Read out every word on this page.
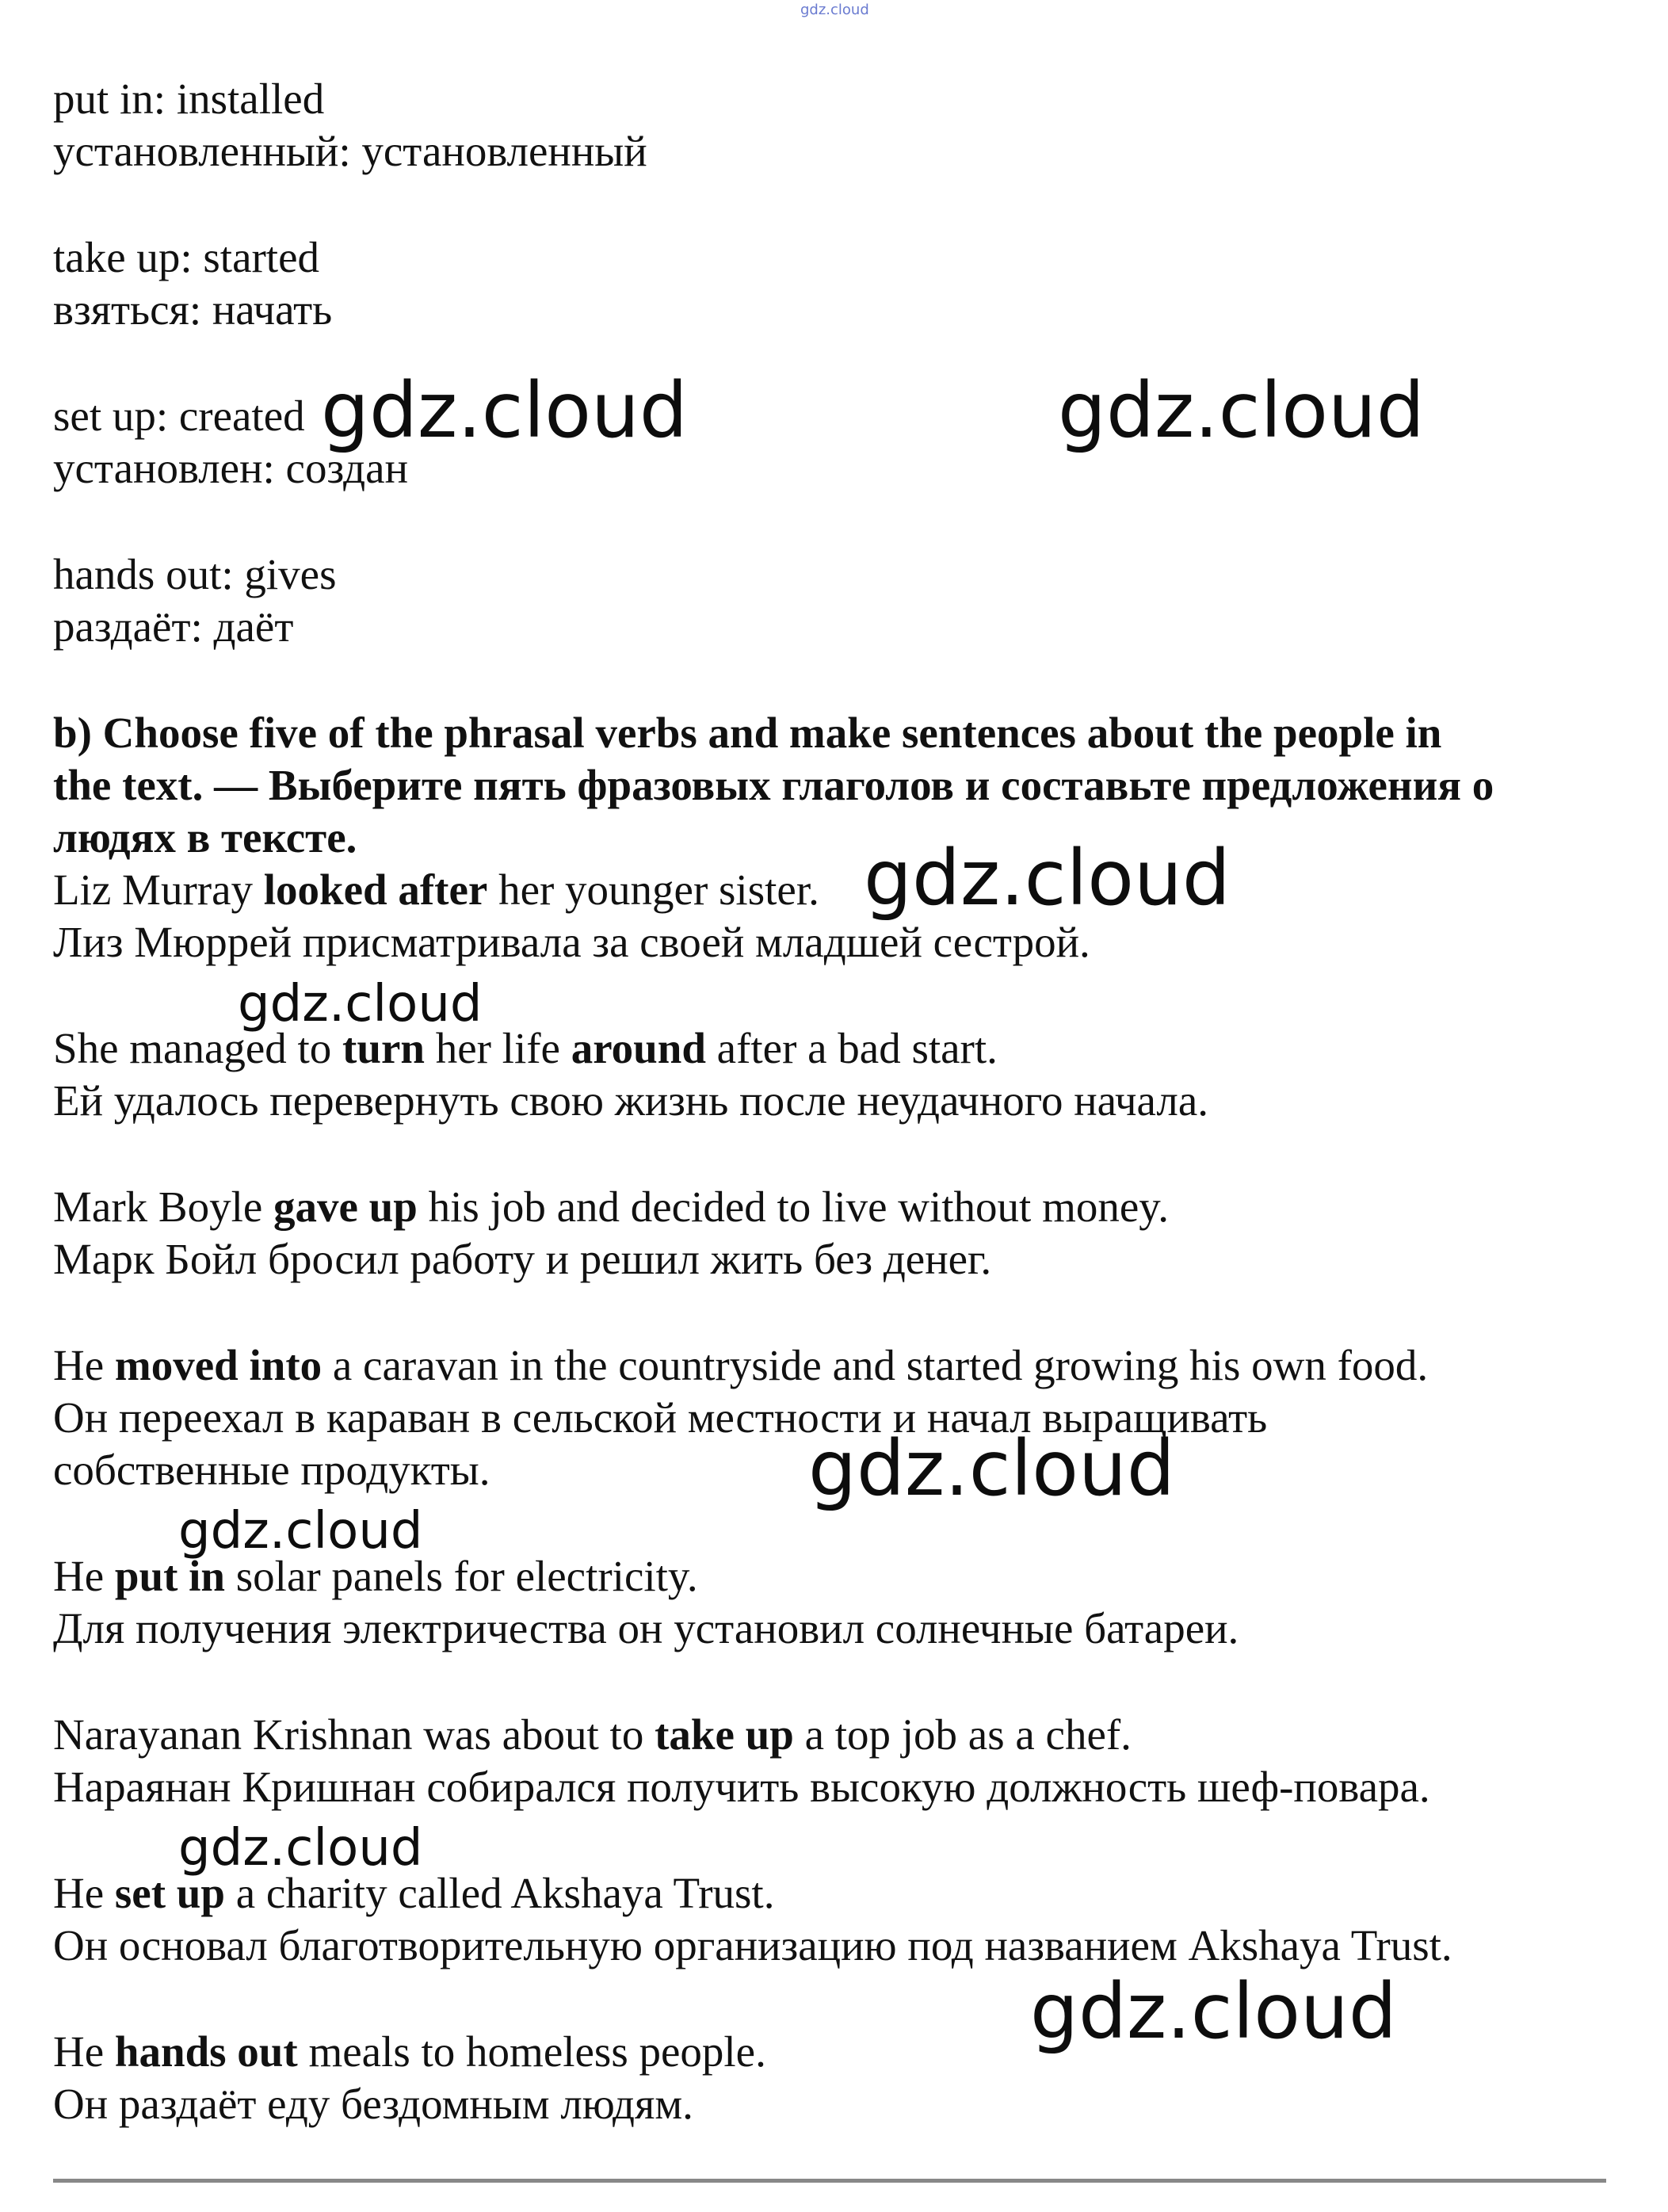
gdz.cloud
put in: installed
установленный: установленный
take up: started
взяться: начать
set up: created
установлен: создан
hands out: gives
раздаёт: даёт
b) Choose five of the phrasal verbs and make sentences about the people in
the text. — Выберите пять фразовых глаголов и составьте предложения о
людях в тексте.
Liz Murray looked after her younger sister.
Лиз Мюррей присматривала за своей младшей сестрой.
She managed to turn her life around after a bad start.
Ей удалось перевернуть свою жизнь после неудачного начала.
Mark Boyle gave up his job and decided to live without money.
Марк Бойл бросил работу и решил жить без денег.
He moved into a caravan in the countryside and started growing his own food.
Он переехал в караван в сельской местности и начал выращивать
собственные продукты.
He put in solar panels for electricity.
Для получения электричества он установил солнечные батареи.
Narayanan Krishnan was about to take up a top job as a chef.
Нараянан Кришнан собирался получить высокую должность шеф-повара.
He set up a charity called Akshaya Trust.
Он основал благотворительную организацию под названием Akshaya Trust.
He hands out meals to homeless people.
Он раздаёт еду бездомным людям.
gdz.cloud	gdz.cloud
gdz.cloud
gdz.cloud
gdz.cloud
gdz.cloud
gdz.cloud
gdz.cloud
